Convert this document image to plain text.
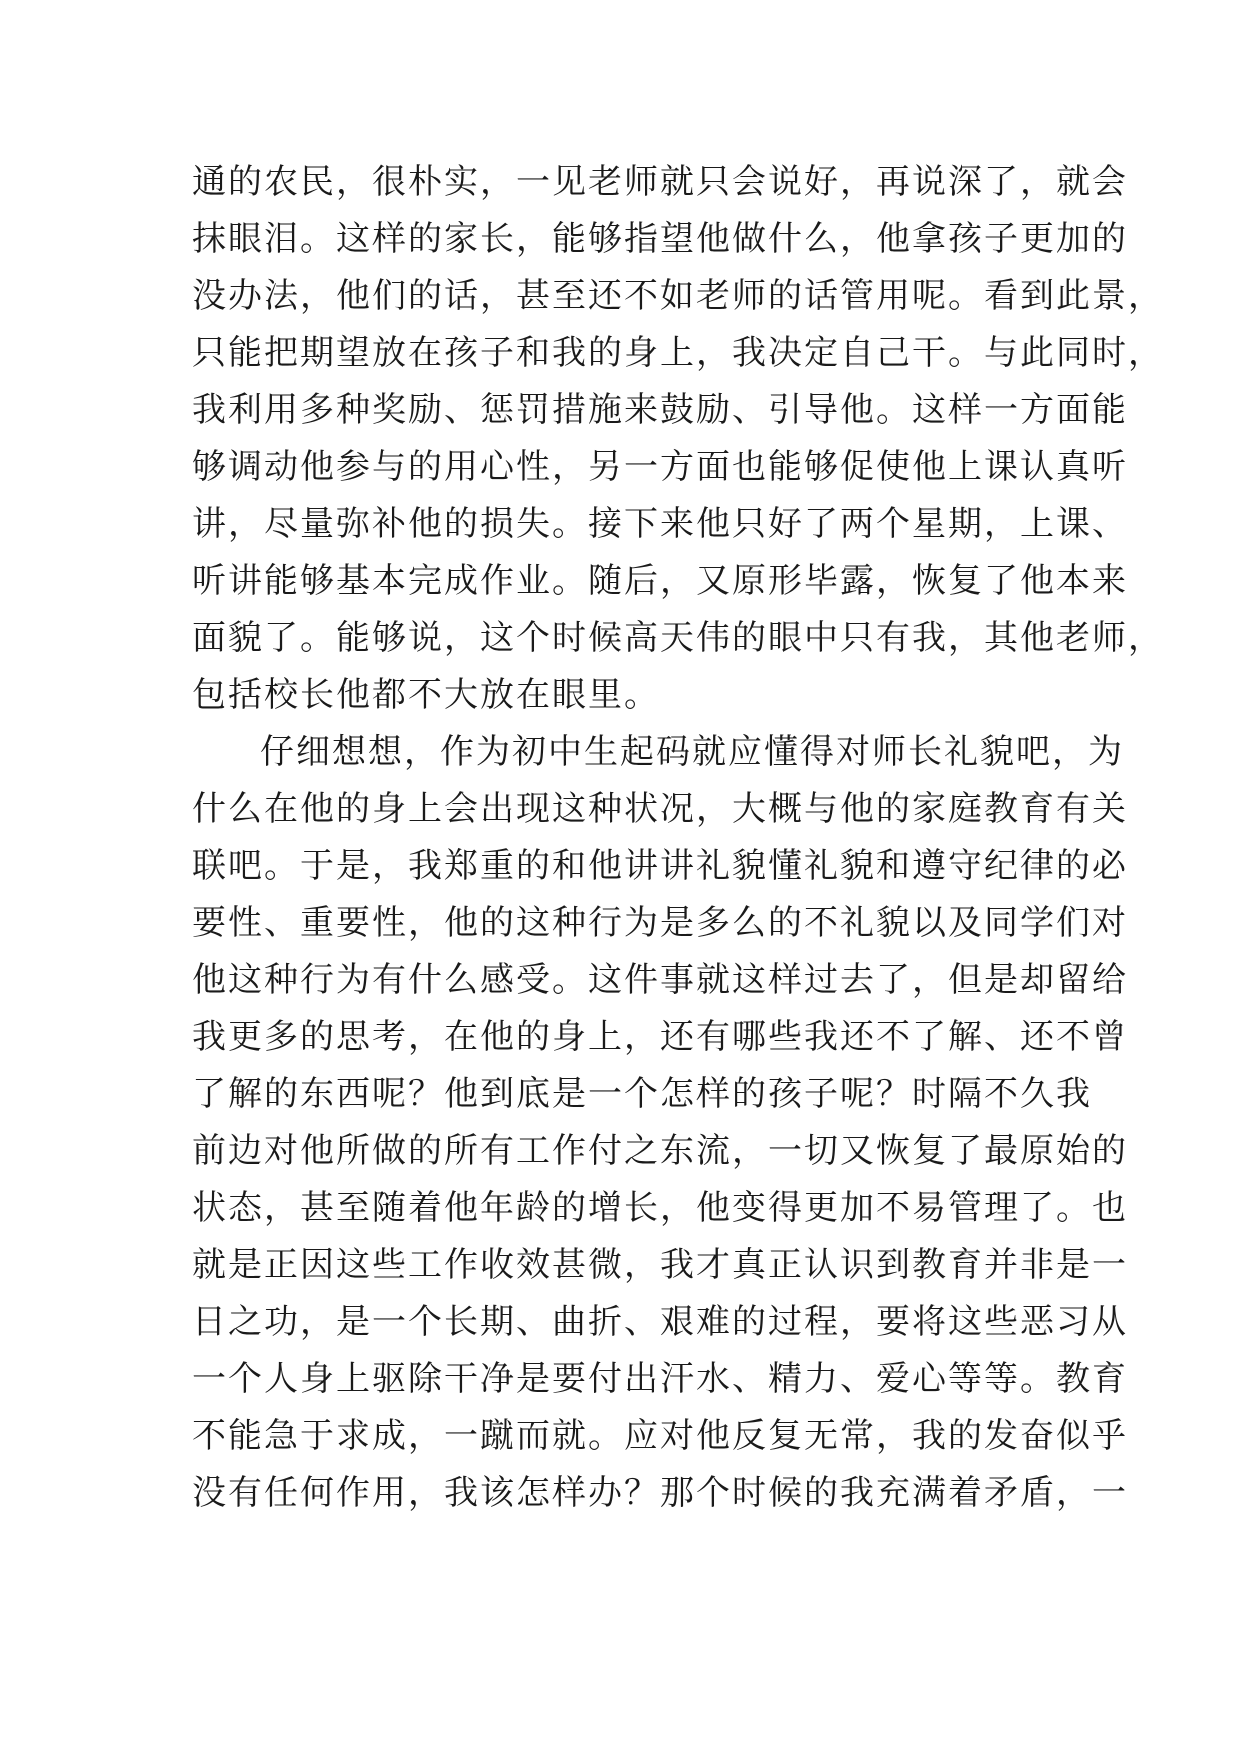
通的农民，很朴实，一见老师就只会说好，再说深了，就会
抹眼泪。这样的家长，能够指望他做什么，他拿孩子更加的
没办法，他们的话，甚至还不如老师的话管用呢。看到此景，
只能把期望放在孩子和我的身上，我决定自己干。与此同时，
我利用多种奖励、惩罚措施来鼓励、引导他。这样一方面能
够调动他参与的用心性，另一方面也能够促使他上课认真听
讲，尽量弥补他的损失。接下来他只好了两个星期，上课、
听讲能够基本完成作业。随后，又原形毕露，恢复了他本来
面貌了。能够说，这个时候高天伟的眼中只有我，其他老师，
包括校长他都不大放在眼里。
仔细想想，作为初中生起码就应懂得对师长礼貌吧，为
什么在他的身上会出现这种状况，大概与他的家庭教育有关
联吧。于是，我郑重的和他讲讲礼貌懂礼貌和遵守纪律的必
要性、重要性，他的这种行为是多么的不礼貌以及同学们对
他这种行为有什么感受。这件事就这样过去了，但是却留给
我更多的思考，在他的身上，还有哪些我还不了解、还不曾
了解的东西呢？他到底是一个怎样的孩子呢？时隔不久我
前边对他所做的所有工作付之东流，一切又恢复了最原始的
状态，甚至随着他年龄的增长，他变得更加不易管理了。也
就是正因这些工作收效甚微，我才真正认识到教育并非是一
日之功，是一个长期、曲折、艰难的过程，要将这些恶习从
一个人身上驱除干净是要付出汗水、精力、爱心等等。教育
不能急于求成，一蹴而就。应对他反复无常，我的发奋似乎
没有任何作用，我该怎样办？那个时候的我充满着矛盾，一
